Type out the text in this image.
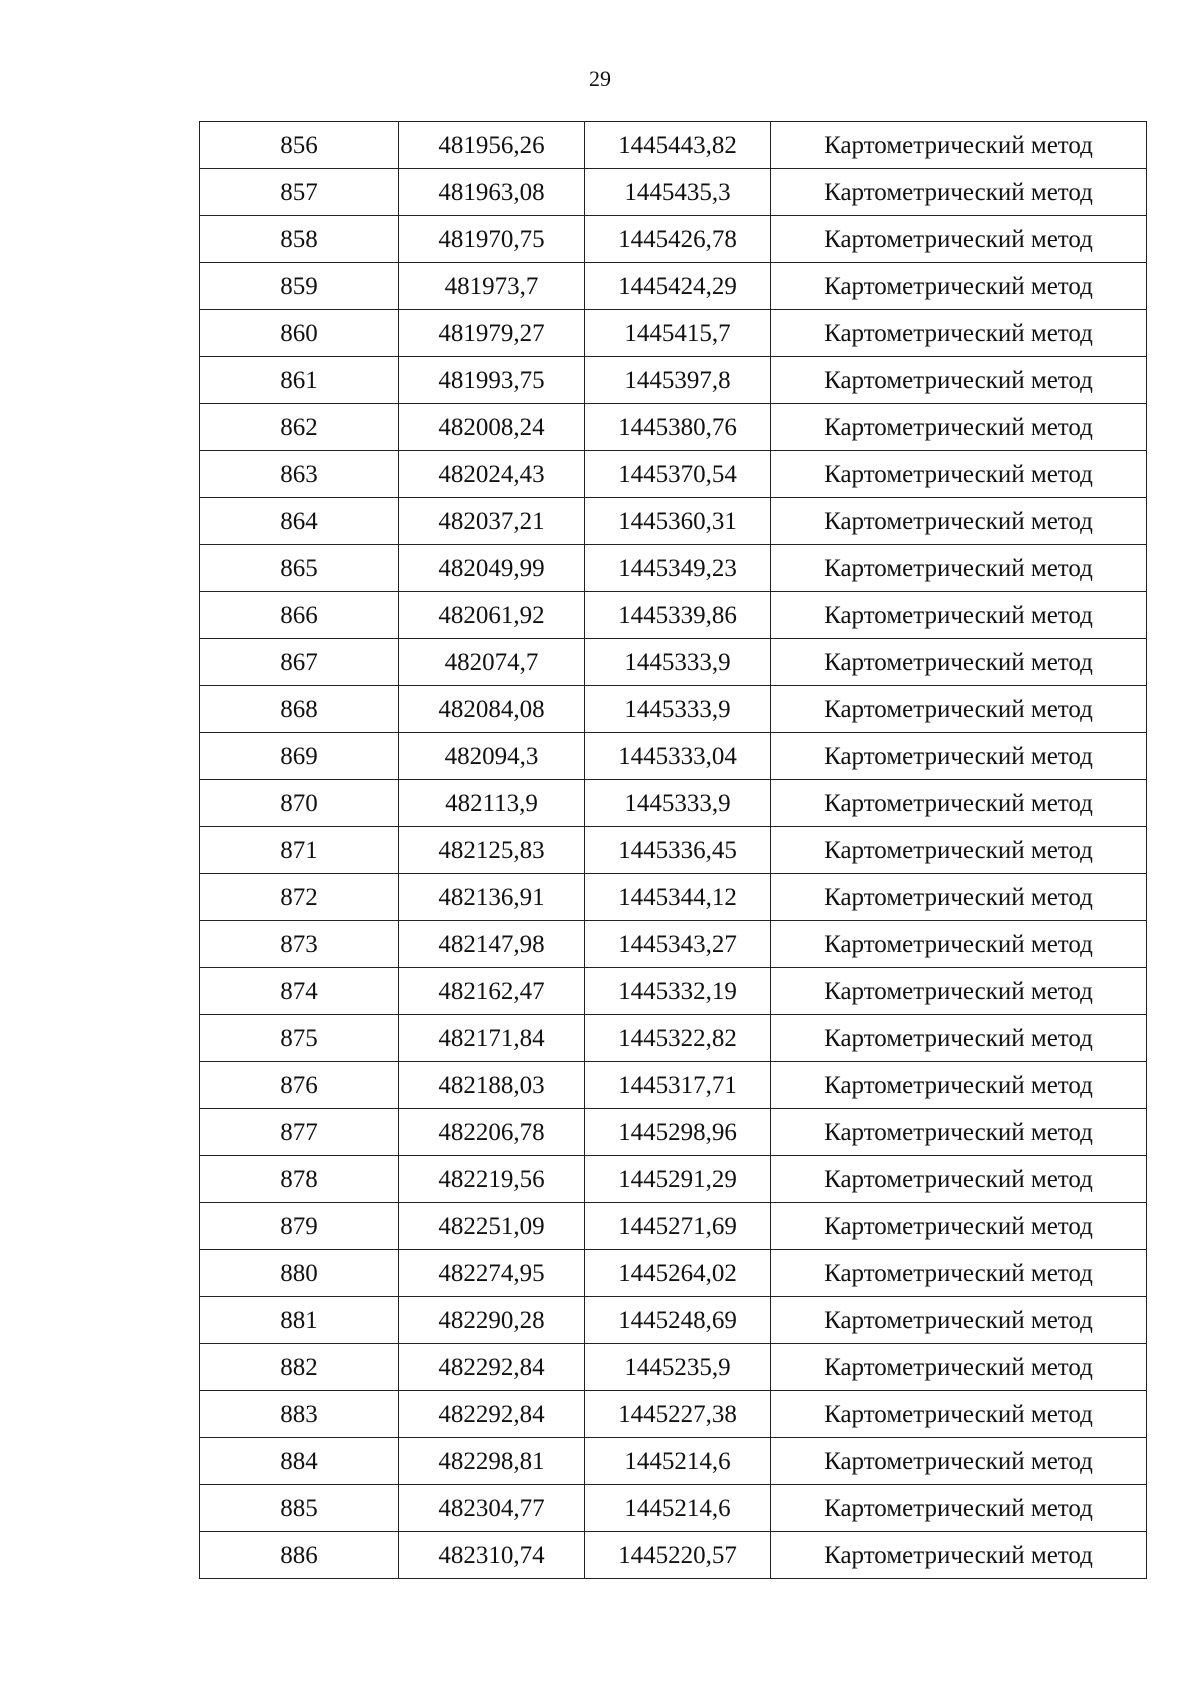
29
856	481956,26	1445443,82	Картометрический метод
857	481963,08	1445435,3	Картометрический метод
858	481970,75	1445426,78	Картометрический метод
859	481973,7	1445424,29	Картометрический метод
860	481979,27	1445415,7	Картометрический метод
861	481993,75	1445397,8	Картометрический метод
862	482008,24	1445380,76	Картометрический метод
863	482024,43	1445370,54	Картометрический метод
864	482037,21	1445360,31	Картометрический метод
865	482049,99	1445349,23	Картометрический метод
866	482061,92	1445339,86	Картометрический метод
867	482074,7	1445333,9	Картометрический метод
868	482084,08	1445333,9	Картометрический метод
869	482094,3	1445333,04	Картометрический метод
870	482113,9	1445333,9	Картометрический метод
871	482125,83	1445336,45	Картометрический метод
872	482136,91	1445344,12	Картометрический метод
873	482147,98	1445343,27	Картометрический метод
874	482162,47	1445332,19	Картометрический метод
875	482171,84	1445322,82	Картометрический метод
876	482188,03	1445317,71	Картометрический метод
877	482206,78	1445298,96	Картометрический метод
878	482219,56	1445291,29	Картометрический метод
879	482251,09	1445271,69	Картометрический метод
880	482274,95	1445264,02	Картометрический метод
881	482290,28	1445248,69	Картометрический метод
882	482292,84	1445235,9	Картометрический метод
883	482292,84	1445227,38	Картометрический метод
884	482298,81	1445214,6	Картометрический метод
885	482304,77	1445214,6	Картометрический метод
886	482310,74	1445220,57	Картометрический метод
